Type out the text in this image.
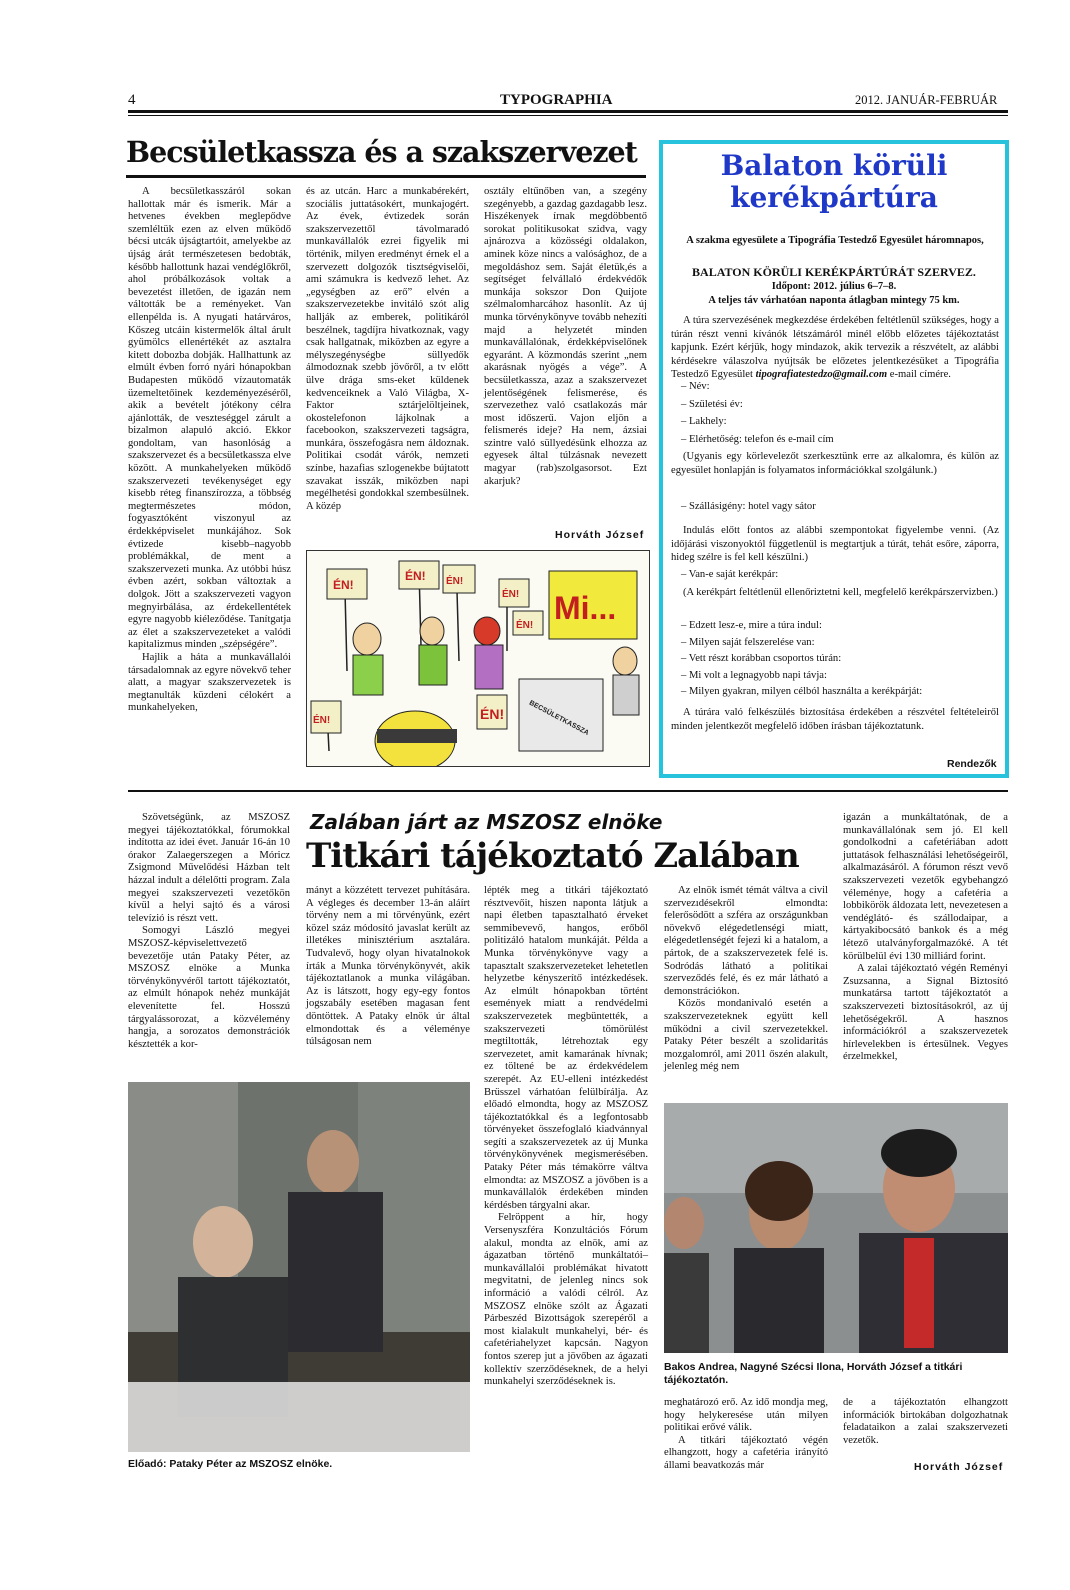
4	TYPOGRAPHIA	2012. JANUÁR-FEBRUÁR
Becsületkassza és a szakszervezet

A becsületkasszáról sokan hallottak már és ismerik. Már a hetvenes években meglepődve szemléltük ezen az elven működő bécsi utcák újságtartóit, amelyekbe az újság árát természetesen bedobták, később hallottunk hazai vendéglőkről, ahol próbálkozások voltak a bevezetést illetően, de igazán nem váltották be a reményeket. Van ellenpélda is. A nyugati határváros, Kőszeg utcáin kistermelők által árult gyümölcs ellenértékét az asztalra kitett dobozba dobják. Hallhattunk az elmúlt évben forró nyári hónapokban Budapesten működő vízautomaták üzemeltetőinek kezdeményezéséről, akik a bevételt jótékony célra ajánlották, de veszteséggel zárult a bizalmon alapuló akció. Ekkor gondoltam, van hasonlóság a szakszervezet és a becsületkassza elve között. A munkahelyeken működő szakszervezeti tevékenységet egy kisebb réteg finanszírozza, a többség megtermészetes módon, fogyasztóként viszonyul az érdekképviselet munkájához. Sok évtizede kisebb–nagyobb problémákkal, de ment a szakszervezeti munka. Az utóbbi húsz évben azért, sokban változtak a dolgok. Jött a szakszervezeti vagyon megnyirbálása, az érdekellentétek egyre nagyobb kiéleződése. Tanítgatja az élet a szakszervezeteket a valódi kapitalizmus minden „szépségére”.

Hajlik a háta a munkavállalói társadalomnak az egyre növekvő teher alatt, a magyar szakszervezetek is megtanulták küzdeni célokért a munkahelyeken,

és az utcán. Harc a munkabérekért, szociális juttatásokért, munkajogért. Az évek, évtizedek során szakszervezettől távolmaradó munkavállalók ezrei figyelik mi történik, milyen eredményt érnek el a szervezett dolgozók tisztségviselői, ami számukra is kedvező lehet. Az „egységben az erő” elvén a szakszervezetekbe invitáló szót alig hallják az emberek, politikáról beszélnek, tagdíjra hivatkoznak, vagy csak hallgatnak, miközben az egyre a mélyszegénységbe süllyedők álmodoznak szebb jövőről, a tv előtt ülve drága sms-eket küldenek kedvenceiknek a Való Világba, X-Faktor sztárjelöltjeinek, okostelefonon lájkolnak a facebookon, szakszervezeti tagságra, munkára, összefogásra nem áldoznak. Politikai csodát várók, nemzeti színbe, hazafias szlogenekbe bújtatott szavakat isszák, miközben napi megélhetési gondokkal szembesülnek. A közép

osztály eltűnőben van, a szegény szegényebb, a gazdag gazdagabb lesz. Hiszékenyek írnak megdöbbentő sorokat politikusokat szidva, vagy ajnározva a közösségi oldalakon, aminek köze nincs a valósághoz, de a megoldáshoz sem. Saját életük,és a segítséget felvállaló érdekvédők munkája sokszor Don Quijote szélmalomharcához hasonlít. Az új munka törvénykönyve tovább nehezíti majd a helyzetét minden munkavállalónak, érdekképviselőnek egyaránt. A közmondás szerint „nem akarásnak nyögés a vége”. A becsületkassza, azaz a szakszervezet jelentőségének felismerése, és szervezethez való csatlakozás már most időszerű. Vajon eljön a felismerés ideje? Ha nem, ázsiai szintre való süllyedésünk elhozza az egyesek által túlzásnak nevezett magyar (rab)szolgasorsot. Ezt akarjuk?

Horváth József
ÉN!
ÉN! ÉN!
ÉN!
ÉN! Mi...
ÉN!	BECSÜLETKASSZA
ÉN!
Balaton körüli kerékpártúra
A szakma egyesülete a Tipográfia Testedző Egyesület háromnapos,
BALATON KÖRÜLI KERÉKPÁRTÚRÁT SZERVEZ.
Időpont: 2012. július 6–7–8.
A teljes táv várhatóan naponta átlagban mintegy 75 km.
A túra szervezésének megkezdése érdekében feltétlenül szükséges, hogy a túrán részt venni kívánók létszámáról minél előbb előzetes tájékoztatást kapjunk. Ezért kérjük, hogy mindazok, akik tervezik a részvételt, az alábbi kérdésekre válaszolva nyújtsák be előzetes jelentkezésüket a Tipográfia Testedző Egyesület tipografiatestedzo@gmail.com e-mail címére.
– Név:
– Születési év:
– Lakhely:
– Elérhetőség: telefon és e-mail cím
(Ugyanis egy körlevelezőt szerkesztünk erre az alkalomra, és külön az egyesület honlapján is folyamatos információkkal szolgálunk.)
– Szállásigény: hotel vagy sátor
Indulás előtt fontos az alábbi szempontokat figyelembe venni. (Az időjárási viszonyoktól függetlenül is megtartjuk a túrát, tehát esőre, záporra, hideg szélre is fel kell készülni.)
– Van-e saját kerékpár:
(A kerékpárt feltétlenül ellenőriztetni kell, megfelelő kerékpárszervizben.)
– Edzett lesz-e, mire a túra indul:
– Milyen saját felszerelése van:
– Vett részt korábban csoportos túrán:
– Mi volt a legnagyobb napi távja:
– Milyen gyakran, milyen célból használta a kerékpárját:
A túrára való felkészülés biztosítása érdekében a részvétel feltételeiről minden jelentkezőt megfelelő időben írásban tájékoztatunk.
Rendezők
Zalában járt az MSZOSZ elnöke
Titkári tájékoztató Zalában

Szövetségünk, az MSZOSZ megyei tájékoztatókkal, fórumokkal indította az idei évet. Január 16-án 10 órakor Zalaegerszegen a Móricz Zsigmond Művelődési Házban telt házzal indult a délelőtti program. Zala megyei szakszervezeti vezetőkön kívül a helyi sajtó és a városi televízió is részt vett.

Somogyi László megyei MSZOSZ-képviselettvezető bevezetője után Pataky Péter, az MSZOSZ elnöke a Munka törvénykönyvéről tartott tájékoztatót, az elmúlt hónapok nehéz munkáját elevenítette fel. Hosszú tárgyalássorozat, a közvélemény hangja, a sorozatos demonstrációk késztették a kor-

mányt a közzétett tervezet puhítására. A végleges és december 13-án aláírt törvény nem a mi törvényünk, ezért közel száz módosító javaslat került az illetékes minisztérium asztalára. Tudvalevő, hogy olyan hivatalnokok írták a Munka törvénykönyvét, akik tájékoztatlanok a munka világában. Az is látszott, hogy egy-egy fontos jogszabály esetében magasan fent döntöttek. A Pataky elnök úr által elmondottak és a véleménye túlságosan nem

lépték meg a titkári tájékoztató résztvevőit, hiszen naponta látjuk a napi életben tapasztalható érveket semmibevevő, hangos, erőből politizáló hatalom munkáját. Példa a Munka törvénykönyve vagy a tapasztalt szakszervezeteket lehetetlen helyzetbe kényszerítő intézkedések. Az elmúlt hónapokban történt események miatt a rendvédelmi szakszervezetek megbüntették, a szakszervezeti tömörülést megtiltották, létrehoztak egy szervezetet, amit kamarának hívnak; ez töltené be az érdekvédelem szerepét. Az EU-elleni intézkedést Brüsszel várhatóan felülbírálja. Az előadó elmondta, hogy az MSZOSZ tájékoztatókkal és a legfontosabb törvényeket összefoglaló kiadvánnyal segíti a szakszervezetek az új Munka törvénykönyvének megismerésében. Pataky Péter más témakörre váltva elmondta: az MSZOSZ a jövőben is a munkavállalók érdekében minden kérdésben tárgyalni akar.

Felröppent a hír, hogy Versenyszféra Konzultációs Fórum alakul, mondta az elnök, ami az ágazatban történő munkáltatói–munkavállalói problémákat hivatott megvitatni, de jelenleg nincs sok információ a valódi célról. Az MSZOSZ elnöke szólt az Ágazati Párbeszéd Bizottságok szerepéről a most kialakult munkahelyi, bér- és cafetériahelyzet kapcsán. Nagyon fontos szerep jut a jövőben az ágazati kollektív szerződéseknek, de a helyi munkahelyi szerződéseknek is.

Az elnök ismét témát váltva a civil szervezıdésekről elmondta: felerősödött a szféra az országunkban növekvő elégedetlenségi miatt, elégedetlenségét fejezi ki a hatalom, a pártok, de a szakszervezetek felé is. Sodródás látható a politikai szerveződés felé, és ez már látható a demonstrációkon.

Közös mondanivaló esetén a szakszervezeteknek együtt kell működni a civil szervezetekkel. Pataky Péter beszélt a szolidaritás mozgalomról, ami 2011 őszén alakult, jelenleg még nem

igazán a munkáltatónak, de a munkavállalónak sem jó. El kell gondolkodni a cafetériában adott juttatások felhasználási lehetőségeiről, alkalmazásáról. A fórumon részt vevő szakszervezeti vezetők egybehangzó véleménye, hogy a cafetéria a lobbikörök áldozata lett, nevezetesen a vendéglátó- és szállodaipar, a kártyakibocsátó bankok és a még létező utalványforgalmazóké. A tét körülbelül évi 130 milliárd forint.

A zalai tájékoztató végén Reményi Zsuzsanna, a Signal Biztosító munkatársa tartott tájékoztatót a szakszervezeti biztosításokról, az új lehetőségekről. A hasznos információkról a szakszervezetek hírlevelekben is értesülnek. Vegyes érzelmekkel,

Előadó: Pataky Péter az MSZOSZ elnöke.
Bakos Andrea, Nagyné Szécsi Ilona, Horváth József a titkári tájékoztatón.

meghatározó erő. Az idő mondja meg, hogy helykeresése után milyen politikai erővé válik.

A titkári tájékoztató végén elhangzott, hogy a cafetéria irányító állami beavatkozás már

de a tájékoztatón elhangzott információk birtokában dolgozhatnak feladataikon a zalai szakszervezeti vezetők.

Horváth József
